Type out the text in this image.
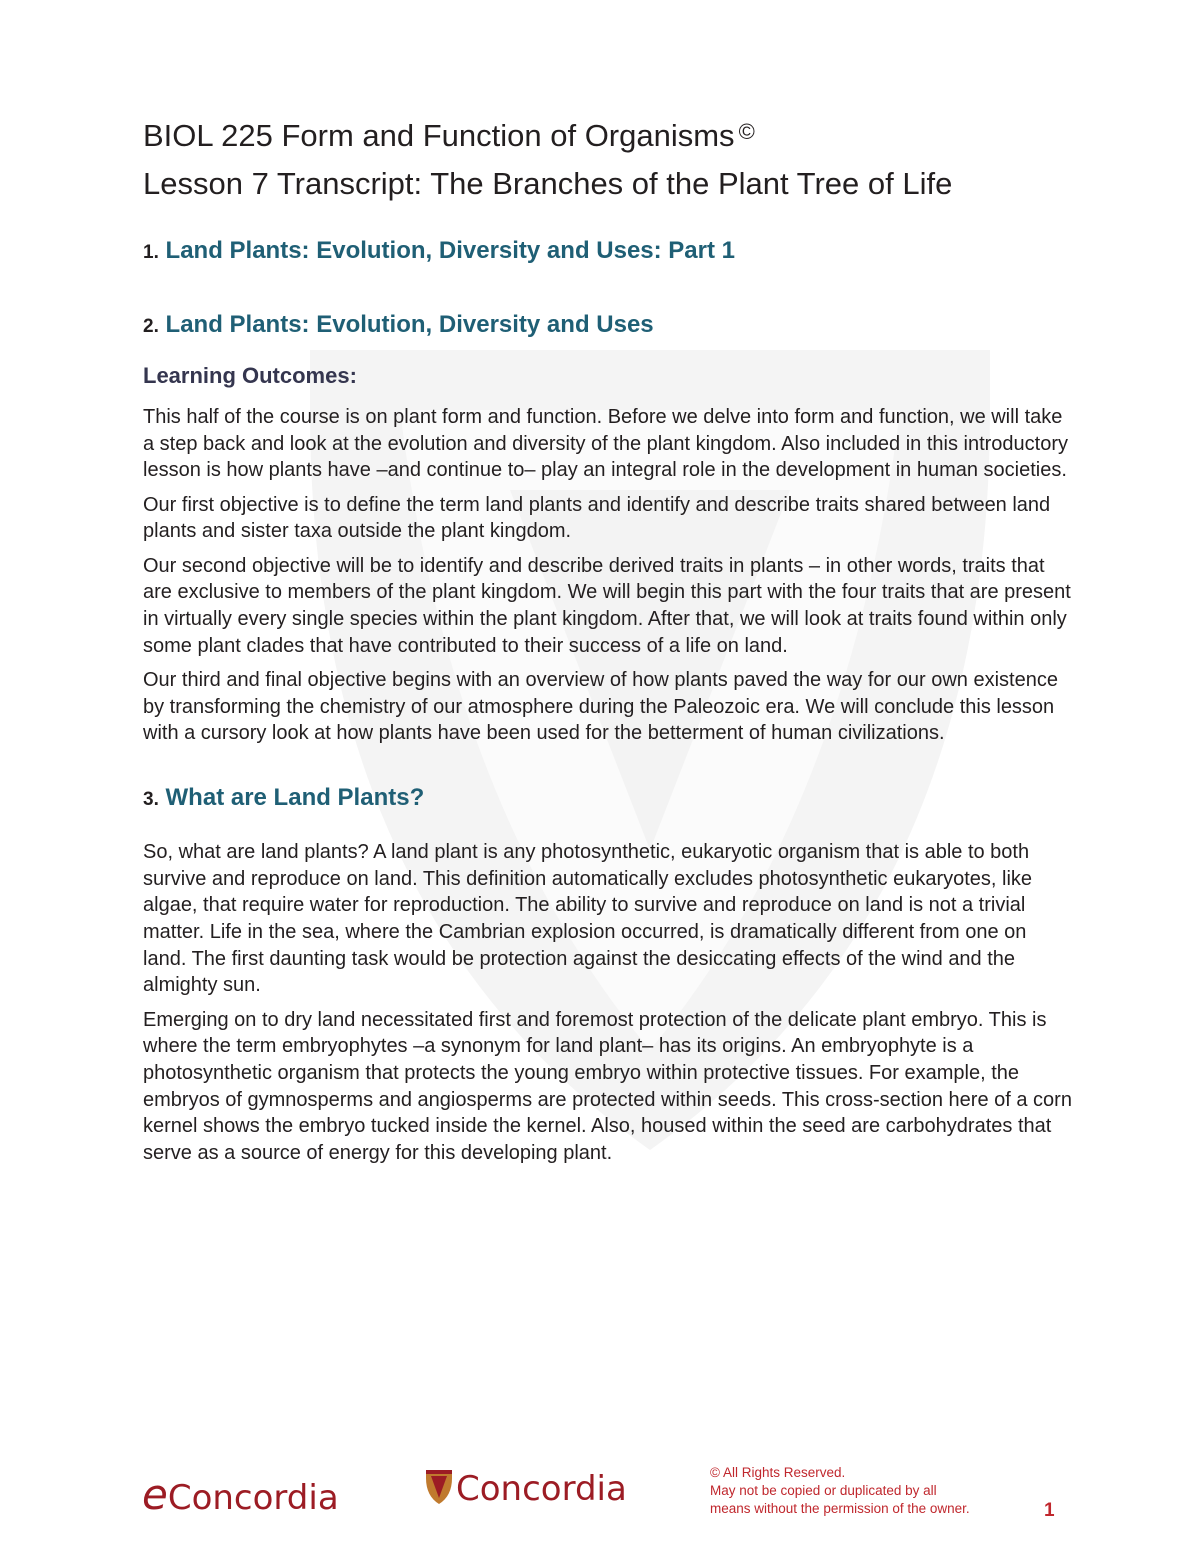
BIOL 225 Form and Function of Organisms ©
Lesson 7 Transcript: The Branches of the Plant Tree of Life
1. Land Plants: Evolution, Diversity and Uses: Part 1
2. Land Plants: Evolution, Diversity and Uses
Learning Outcomes:

This half of the course is on plant form and function. Before we delve into form and function, we will take a step back and look at the evolution and diversity of the plant kingdom. Also included in this introductory lesson is how plants have –and continue to– play an integral role in the development in human societies.

Our first objective is to define the term land plants and identify and describe traits shared between land plants and sister taxa outside the plant kingdom.

Our second objective will be to identify and describe derived traits in plants – in other words, traits that are exclusive to members of the plant kingdom. We will begin this part with the four traits that are present in virtually every single species within the plant kingdom. After that, we will look at traits found within only some plant clades that have contributed to their success of a life on land.

Our third and final objective begins with an overview of how plants paved the way for our own existence by transforming the chemistry of our atmosphere during the Paleozoic era. We will conclude this lesson with a cursory look at how plants have been used for the betterment of human civilizations.

3. What are Land Plants?

So, what are land plants? A land plant is any photosynthetic, eukaryotic organism that is able to both survive and reproduce on land. This definition automatically excludes photosynthetic eukaryotes, like algae, that require water for reproduction. The ability to survive and reproduce on land is not a trivial matter. Life in the sea, where the Cambrian explosion occurred, is dramatically different from one on land. The first daunting task would be protection against the desiccating effects of the wind and the almighty sun.

Emerging on to dry land necessitated first and foremost protection of the delicate plant embryo. This is where the term embryophytes –a synonym for land plant– has its origins. An embryophyte is a photosynthetic organism that protects the young embryo within protective tissues. For example, the embryos of gymnosperms and angiosperms are protected within seeds. This cross-section here of a corn kernel shows the embryo tucked inside the kernel. Also, housed within the seed are carbohydrates that serve as a source of energy for this developing plant.

eConcordia	Concordia	© All Rights Reserved.
May not be copied or duplicated by all
means without the permission of the owner.	1
